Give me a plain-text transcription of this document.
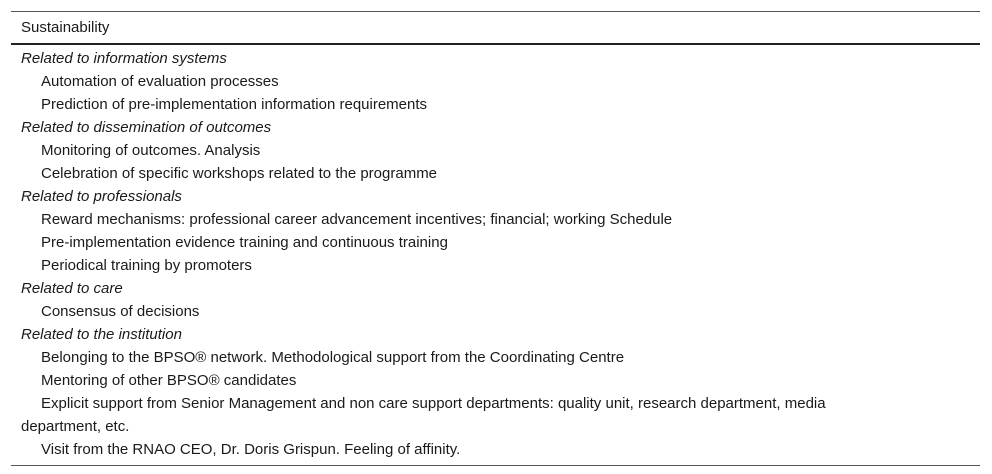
Sustainability
Related to information systems
Automation of evaluation processes
Prediction of pre-implementation information requirements
Related to dissemination of outcomes
Monitoring of outcomes. Analysis
Celebration of specific workshops related to the programme
Related to professionals
Reward mechanisms: professional career advancement incentives; financial; working Schedule
Pre-implementation evidence training and continuous training
Periodical training by promoters
Related to care
Consensus of decisions
Related to the institution
Belonging to the BPSO® network. Methodological support from the Coordinating Centre
Mentoring of other BPSO® candidates
Explicit support from Senior Management and non care support departments: quality unit, research department, media department, etc.
Visit from the RNAO CEO, Dr. Doris Grispun. Feeling of affinity.
